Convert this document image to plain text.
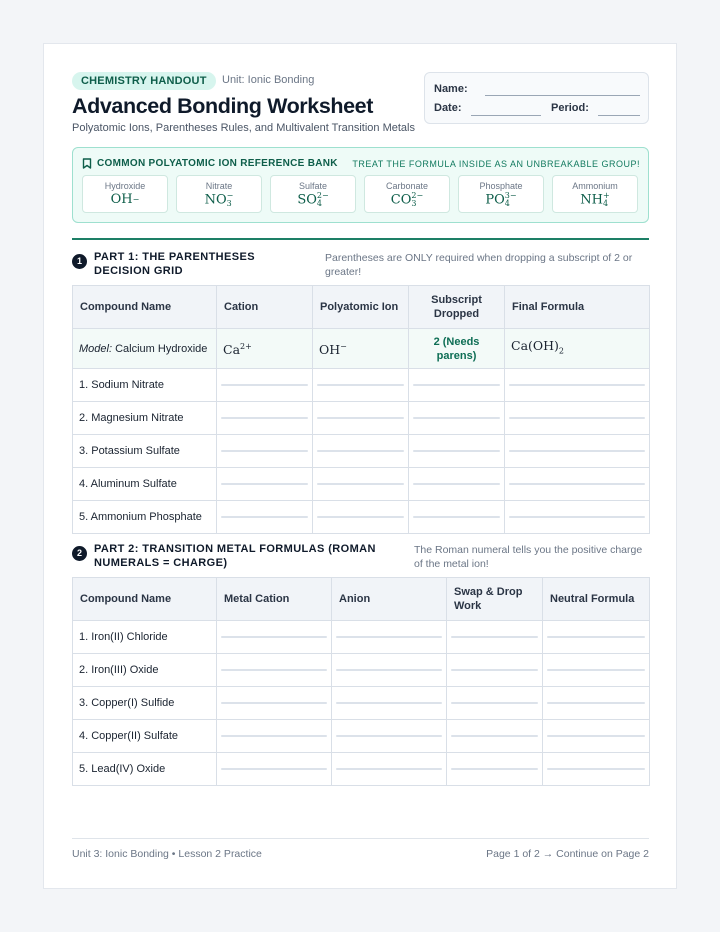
CHEMISTRY HANDOUT	Unit: Ionic Bonding
Advanced Bonding Worksheet
Polyatomic Ions, Parentheses Rules, and Multivalent Transition Metals
Name:
Date:	Period:
COMMON POLYATOMIC ION REFERENCE BANK TREAT THE FORMULA INSIDE AS AN UNBREAKABLE GROUP!
Hydroxide
OH −
Nitrate
NO −
3
Sulfate
SO 2−
4
Carbonate
CO 2−
3
Phosphate
PO 3−
4
Ammonium
NH +
4
1	PART 1: THE PARENTHESES DECISION GRID
Parentheses are ONLY required when dropping a subscript of 2 or greater!
Compound Name	Cation	Polyatomic Ion	Subscript Dropped	Final Formula
Model: Calcium Hydroxide	$Ca^{2+}$	OH−	2 (Needs parens)	$Ca(OH)_2$
1. Sodium Nitrate	

2. Magnesium Nitrate	

3. Potassium Sulfate	

4. Aluminum Sulfate	

5. Ammonium Phosphate	

2	PART 2: TRANSITION METAL FORMULAS (ROMAN NUMERALS = CHARGE)
The Roman numeral tells you the positive charge of the metal ion!
Compound Name	Metal Cation	Anion	Swap & Drop Work	Neutral Formula
1. Iron(II) Chloride	

2. Iron(III) Oxide	

3. Copper(I) Sulfide	

4. Copper(II) Sulfate	

5. Lead(IV) Oxide	

Unit 3: Ionic Bonding • Lesson 2 Practice	Page 1 of 2 → Continue on Page 2
